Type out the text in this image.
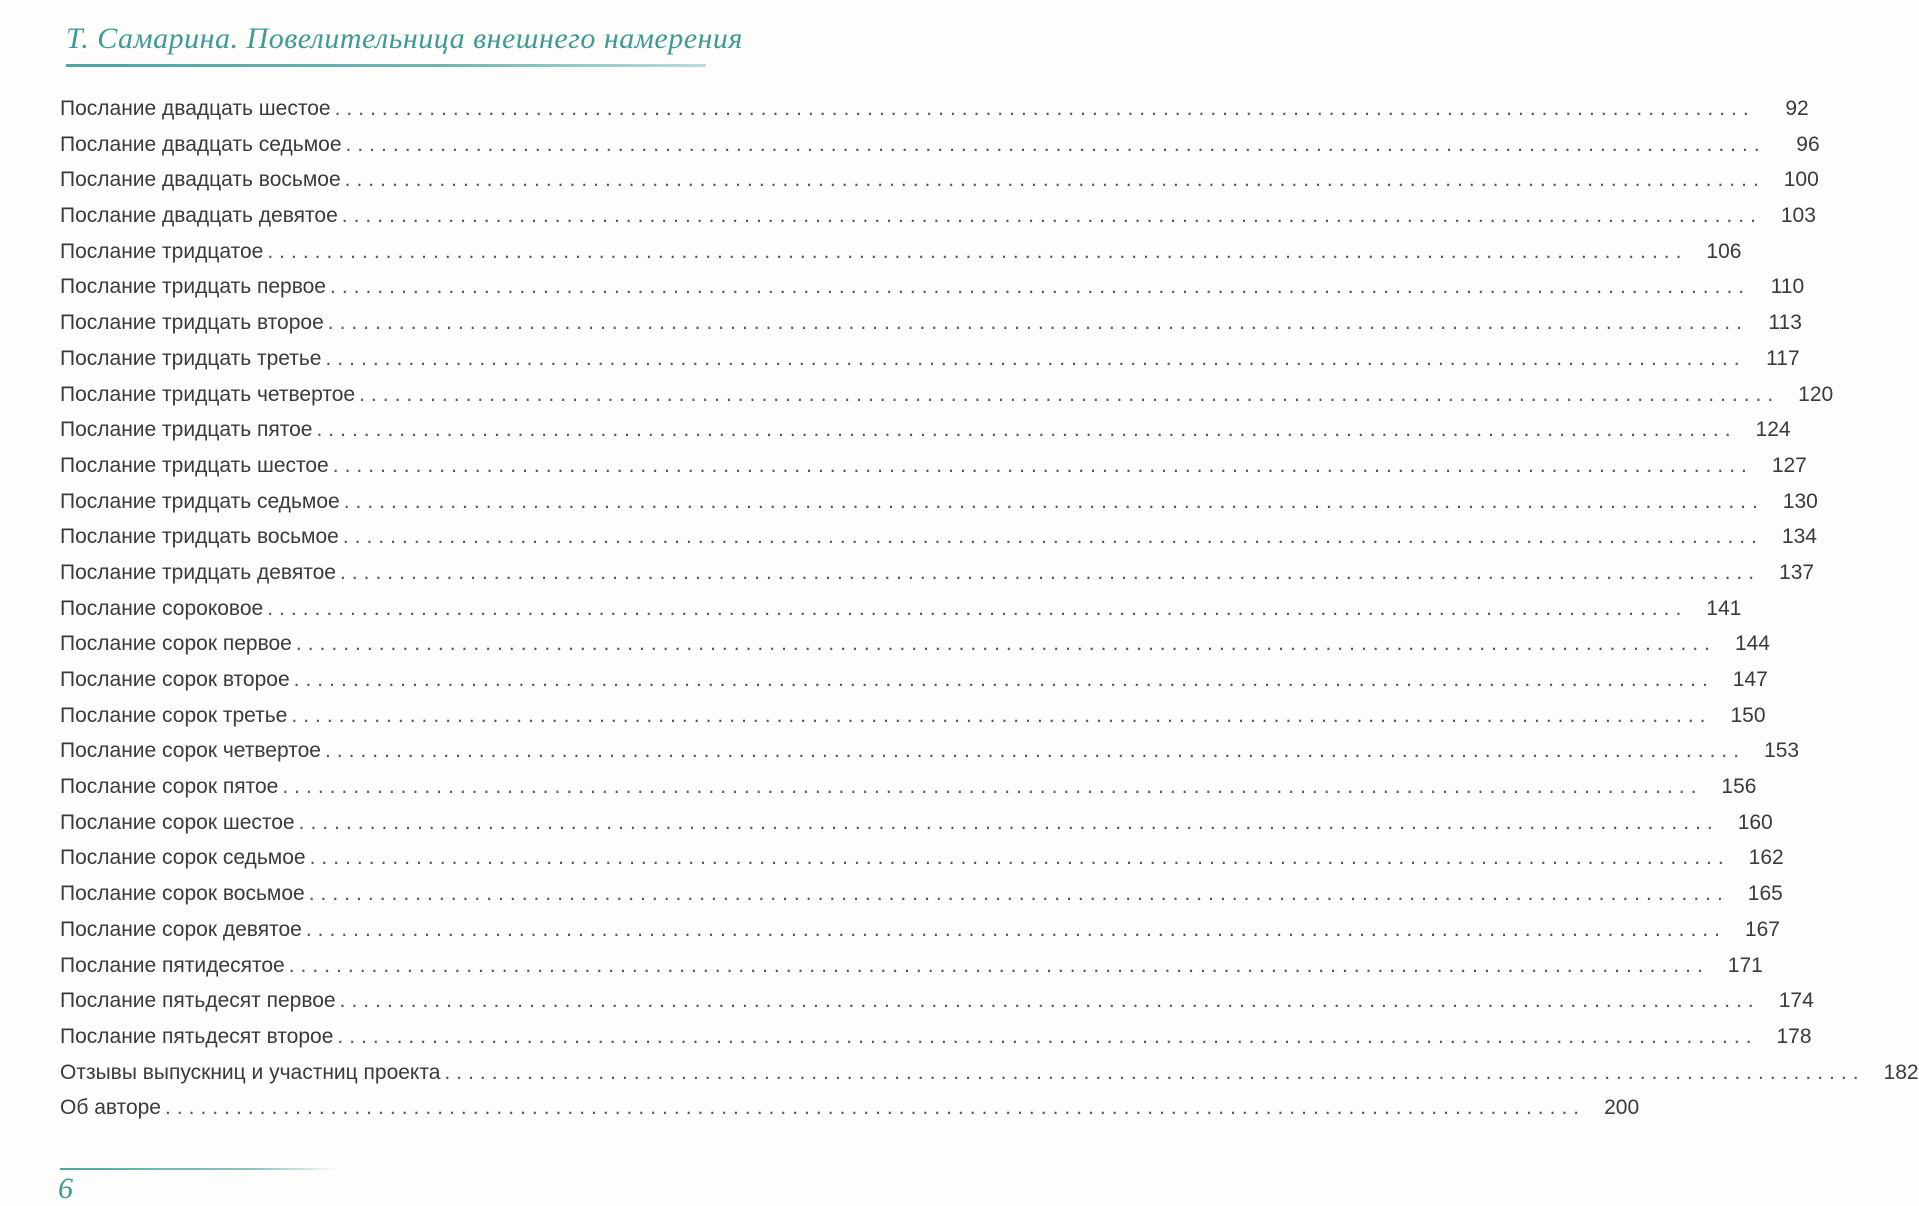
Т. Самарина. Повелительница внешнего намерения
Послание двадцать шестое ........................................................................................................................	92
Послание двадцать седьмое ........................................................................................................................	96
Послание двадцать восьмое ........................................................................................................................ 100
Послание двадцать девятое ........................................................................................................................ 103
Послание тридцатое ........................................................................................................................ 106
Послание тридцать первое ........................................................................................................................ 110
Послание тридцать второе ........................................................................................................................ 113
Послание тридцать третье ........................................................................................................................ 117
Послание тридцать четвертое ........................................................................................................................ 120
Послание тридцать пятое ........................................................................................................................ 124
Послание тридцать шестое ........................................................................................................................ 127
Послание тридцать седьмое ........................................................................................................................ 130
Послание тридцать восьмое ........................................................................................................................ 134
Послание тридцать девятое ........................................................................................................................ 137
Послание сороковое ........................................................................................................................ 141
Послание сорок первое ........................................................................................................................ 144
Послание сорок второе ........................................................................................................................ 147
Послание сорок третье ........................................................................................................................ 150
Послание сорок четвертое ........................................................................................................................ 153
Послание сорок пятое ........................................................................................................................ 156
Послание сорок шестое ........................................................................................................................ 160
Послание сорок седьмое ........................................................................................................................ 162
Послание сорок восьмое ........................................................................................................................ 165
Послание сорок девятое ........................................................................................................................ 167
Послание пятидесятое ........................................................................................................................ 171
Послание пятьдесят первое ........................................................................................................................ 174
Послание пятьдесят второе ........................................................................................................................ 178
Отзывы выпускниц и участниц проекта ........................................................................................................................ 182
Об авторе ........................................................................................................................ 200
6
